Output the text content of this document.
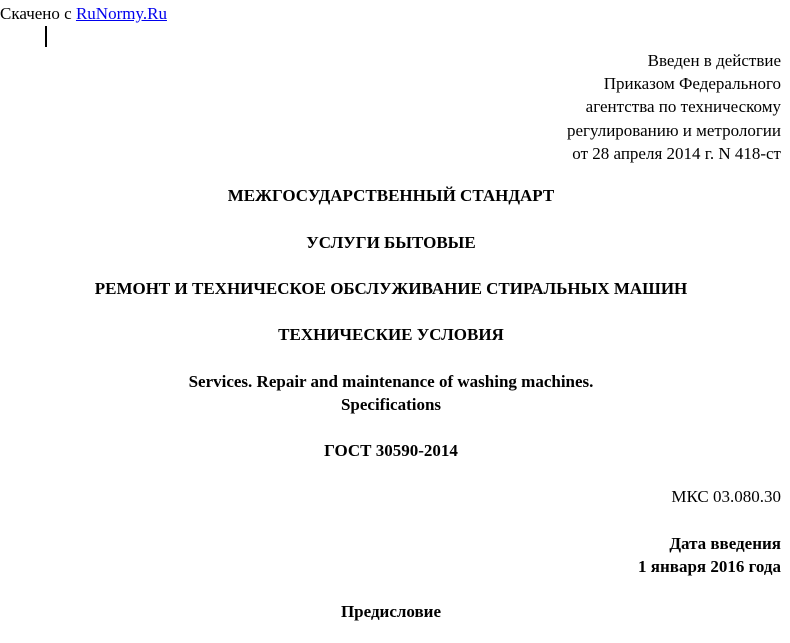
Скачено с RuNormy.Ru
Введен в действие
Приказом Федерального
агентства по техническому
регулированию и метрологии
от 28 апреля 2014 г. N 418-ст
МЕЖГОСУДАРСТВЕННЫЙ СТАНДАРТ
УСЛУГИ БЫТОВЫЕ
РЕМОНТ И ТЕХНИЧЕСКОЕ ОБСЛУЖИВАНИЕ СТИРАЛЬНЫХ МАШИН
ТЕХНИЧЕСКИЕ УСЛОВИЯ
Services. Repair and maintenance of washing machines.
Specifications
ГОСТ 30590-2014
МКС 03.080.30
Дата введения
1 января 2016 года
Предисловие
